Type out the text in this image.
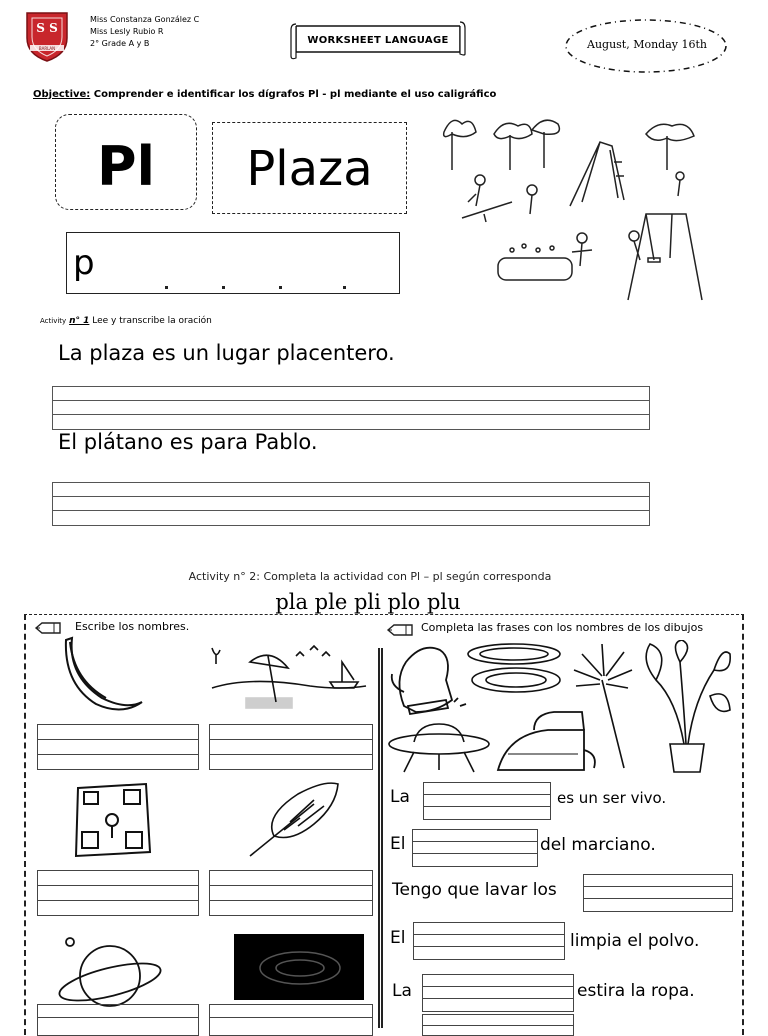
S S
BARLAN
Miss Constanza González C
Miss Lesly Rubio R
2° Grade A y B	WORKSHEET LANGUAGE	August, Monday 16th
Objective: Comprender e identificar los dígrafos Pl - pl mediante el uso caligráfico
Pl	Plaza
p
Activity n° 1 Lee y transcribe la oración
La plaza es un lugar placentero.
El plátano es para Pablo.
Activity n° 2: Completa la actividad con Pl – pl según corresponda
pla ple pli plo plu
Escribe los nombres.	Completa las frases con los nombres de los dibujos
La	es un ser vivo.
El	del marciano.
Tengo que lavar los
El	limpia el polvo.
La	estira la ropa.
